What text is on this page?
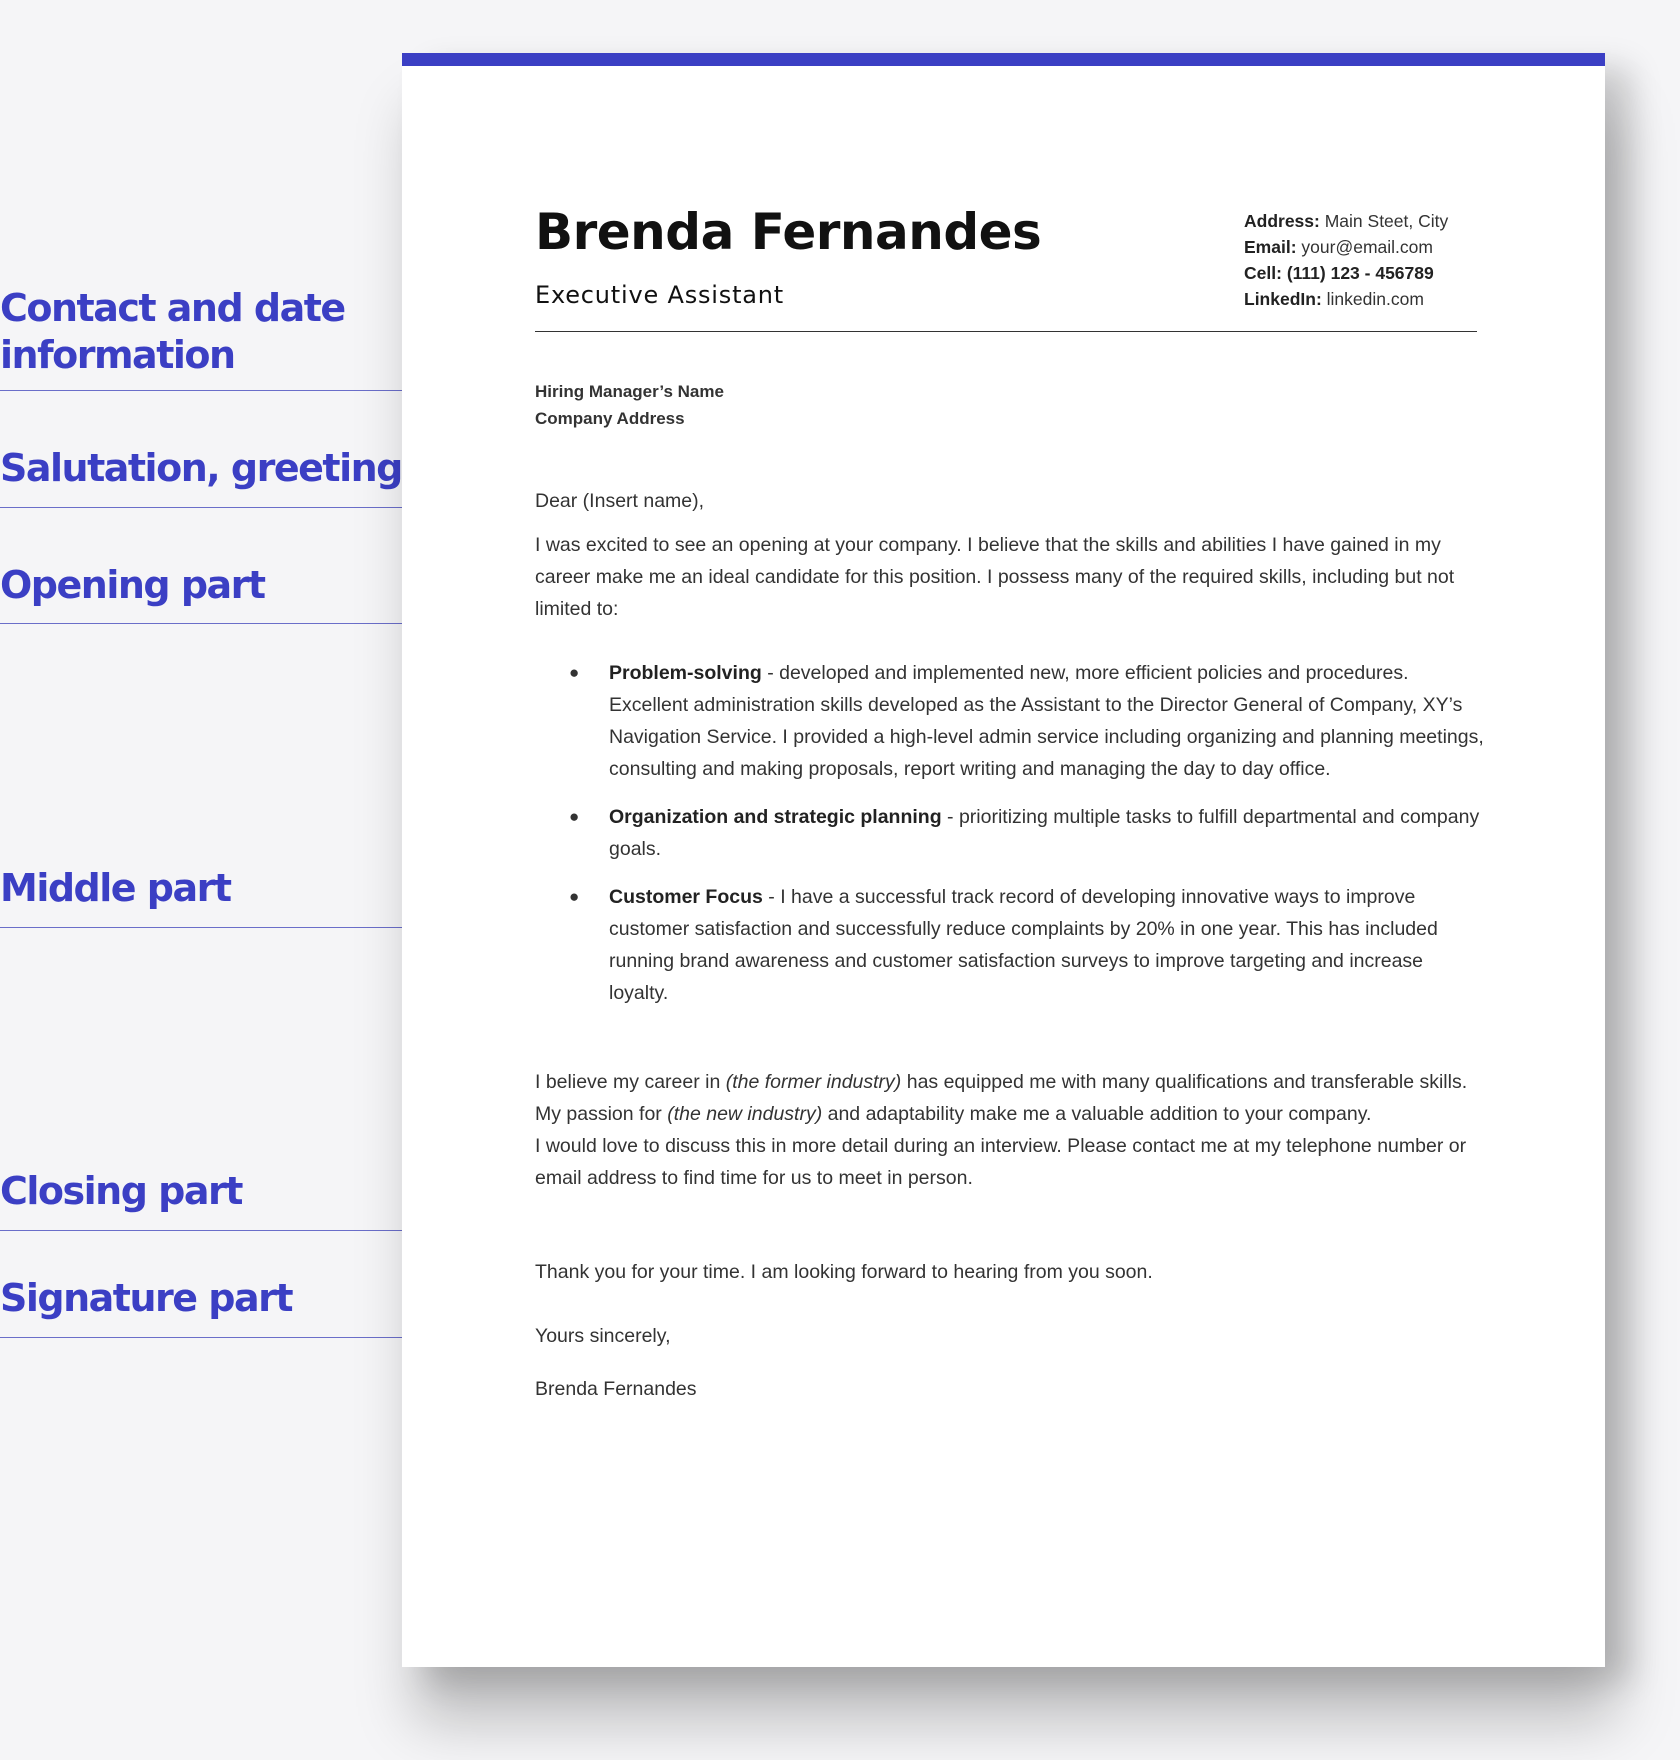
Contact and date information
Salutation, greeting
Opening part
Middle part
Closing part
Signature part
Brenda Fernandes
Executive Assistant
Address: Main Steet, City
Email: your@email.com
Cell: (111) 123 - 456789
LinkedIn: linkedin.com
Hiring Manager’s Name
Company Address

Dear (Insert name),

I was excited to see an opening at your company. I believe that the skills and abilities I have gained in my career make me an ideal candidate for this position. I possess many of the required skills, including but not limited to:

● Problem-solving - developed and implemented new, more efficient policies and procedures. Excellent administration skills developed as the Assistant to the Director General of Company, XY’s Navigation Service. I provided a high-level admin service including organizing and planning meetings, consulting and making proposals, report writing and managing the day to day office.
● Organization and strategic planning - prioritizing multiple tasks to fulfill departmental and company goals.
● Customer Focus - I have a successful track record of developing innovative ways to improve customer satisfaction and successfully reduce complaints by 20% in one year. This has included running brand awareness and customer satisfaction surveys to improve targeting and increase loyalty.

I believe my career in (the former industry) has equipped me with many qualifications and transferable skills. My passion for (the new industry) and adaptability make me a valuable addition to your company.

I would love to discuss this in more detail during an interview. Please contact me at my telephone number or email address to find time for us to meet in person.

Thank you for your time. I am looking forward to hearing from you soon.

Yours sincerely,

Brenda Fernandes
